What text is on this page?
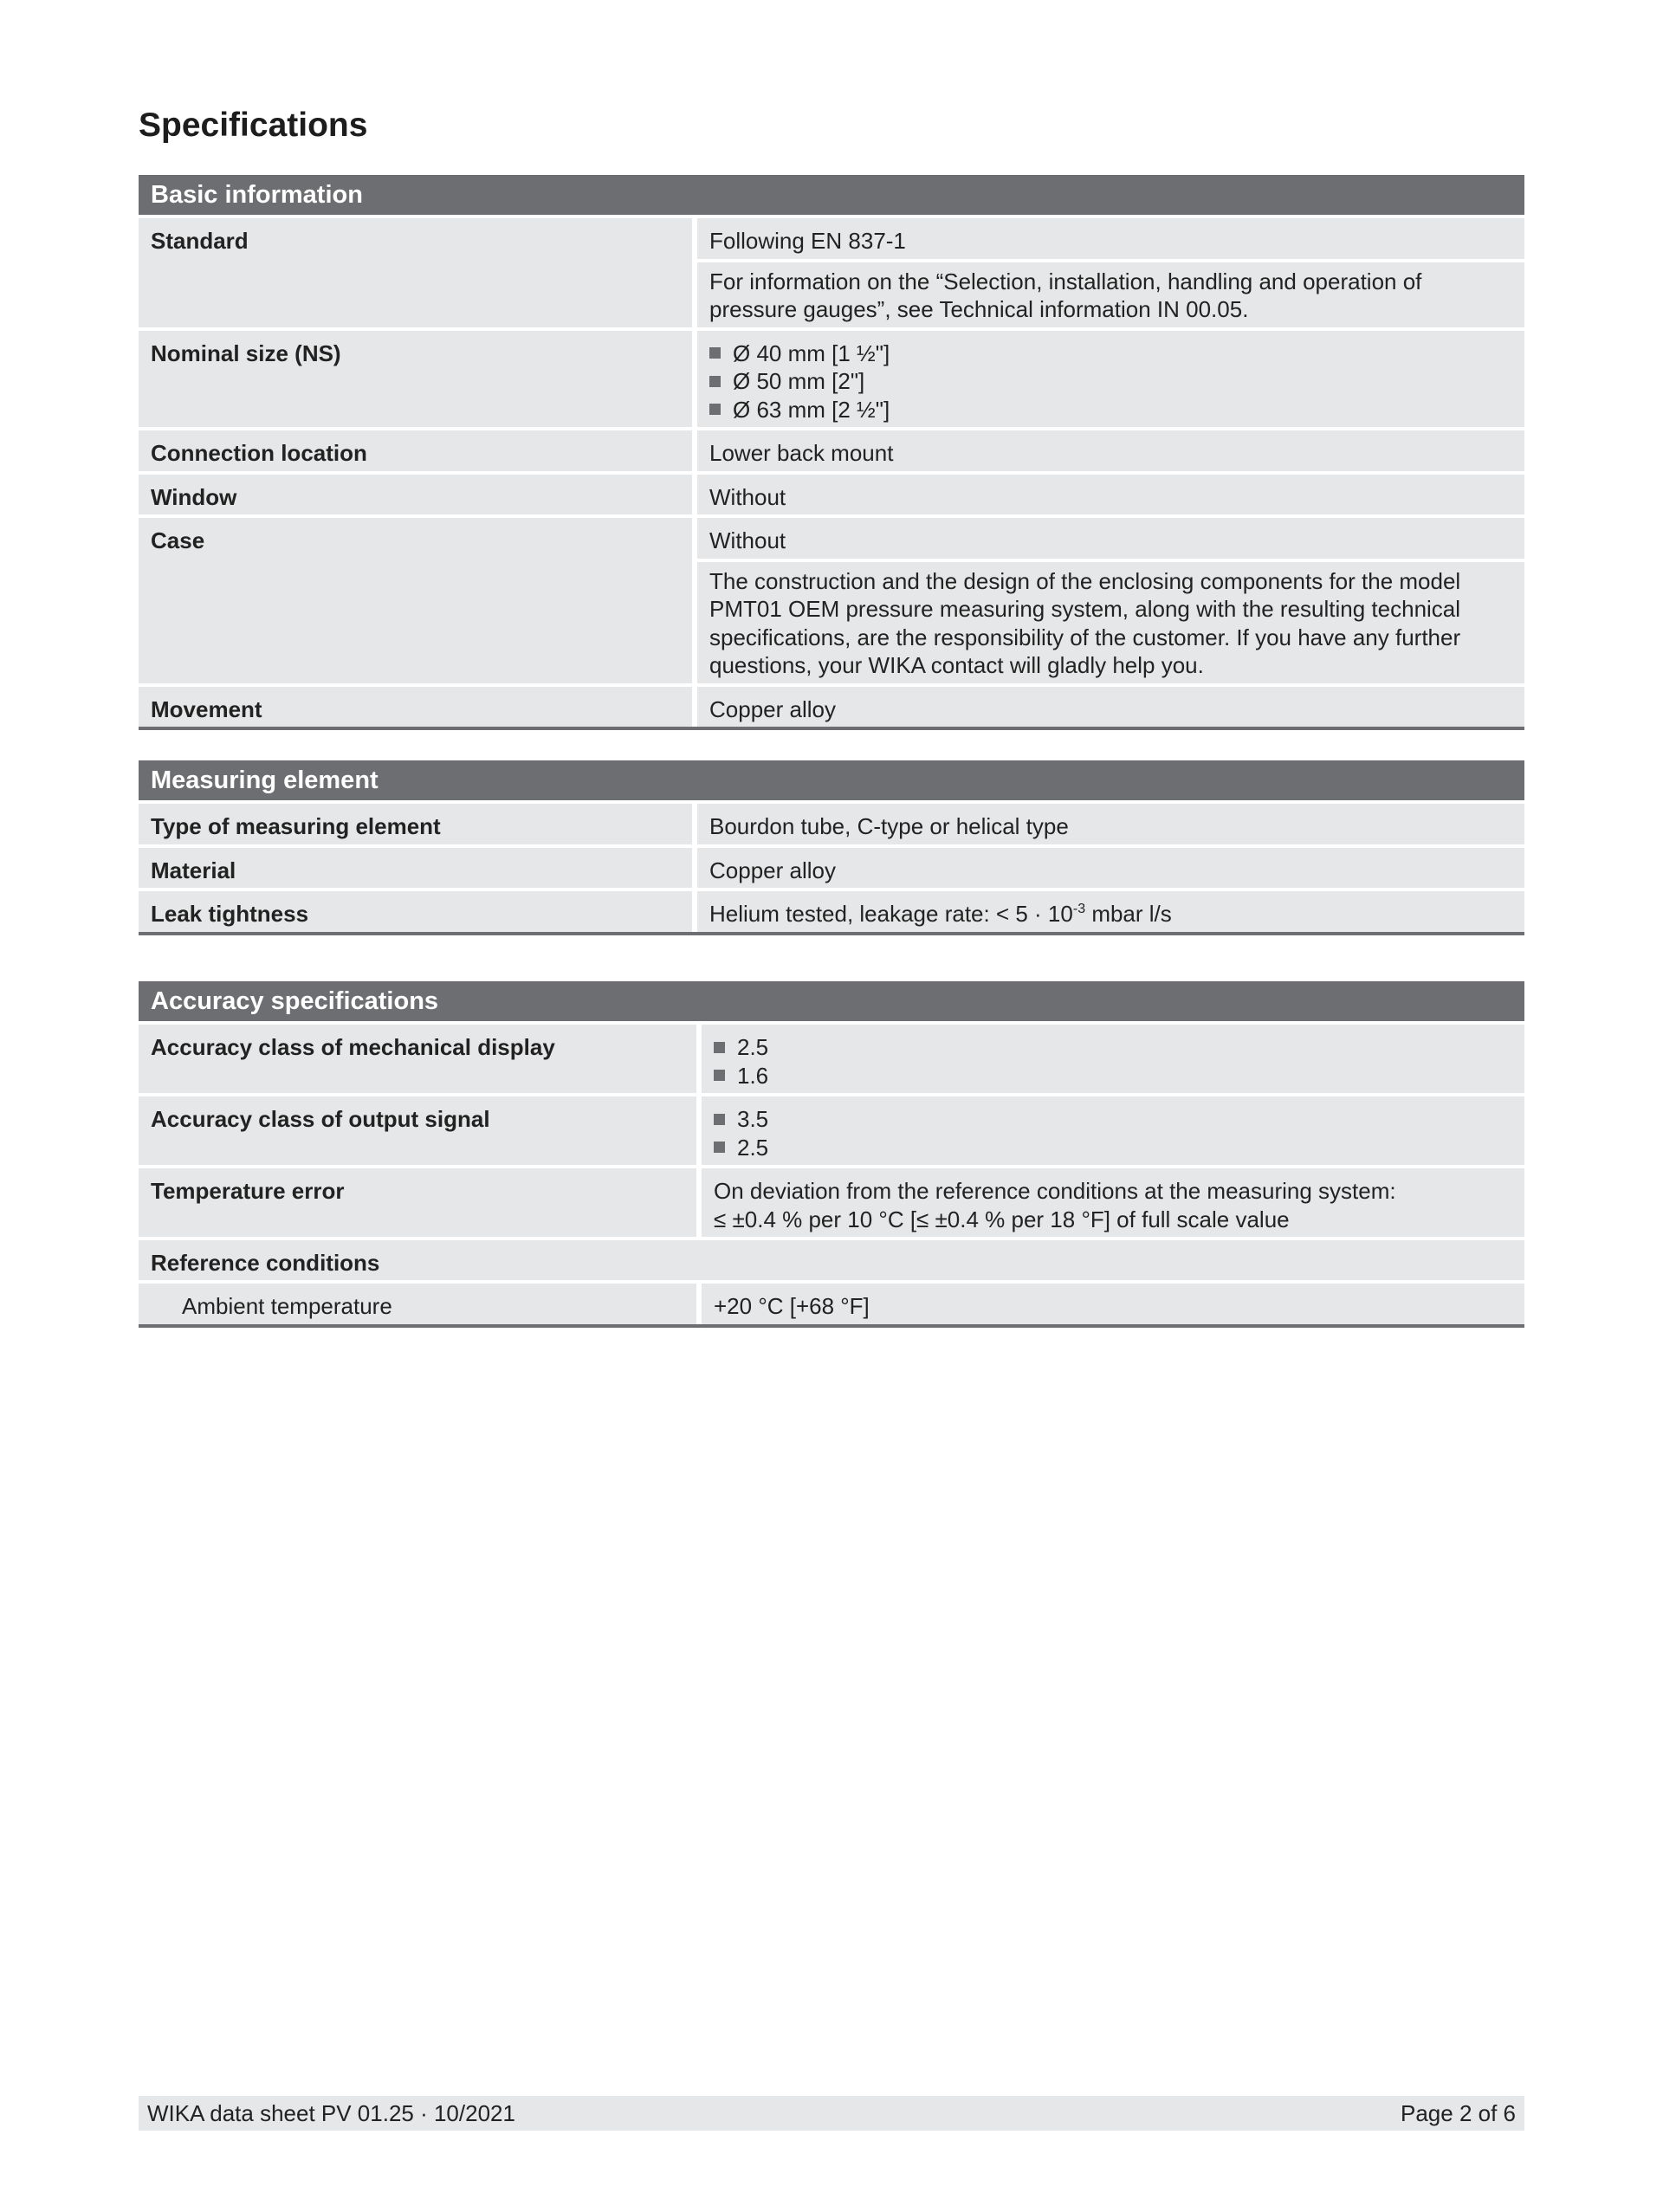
Specifications
Basic information
Standard	Following EN 837-1
For information on the “Selection, installation, handling and operation of pressure gauges”, see Technical information IN 00.05.
Nominal size (NS)	Ø 40 mm [1 ½"]
Ø 50 mm [2"]
Ø 63 mm [2 ½"]
Connection location	Lower back mount
Window	Without
Case	Without
The construction and the design of the enclosing components for the model PMT01 OEM pressure measuring system, along with the resulting technical specifications, are the responsibility of the customer. If you have any further questions, your WIKA contact will gladly help you.
Movement	Copper alloy
Measuring element
Type of measuring element	Bourdon tube, C-type or helical type
Material	Copper alloy
Leak tightness	Helium tested, leakage rate: < $5 \cdot 10^{-3}$ mbar l/s
Accuracy specifications
Accuracy class of mechanical display	2.5
1.6
Accuracy class of output signal	3.5
2.5
Temperature error	On deviation from the reference conditions at the measuring system:
≤ ±0.4 % per 10 °C [≤ ±0.4 % per 18 °F] of full scale value
Reference conditions
Ambient temperature	+20 °C [+68 °F]
WIKA data sheet PV 01.25 · 10/2021	Page 2 of 6
